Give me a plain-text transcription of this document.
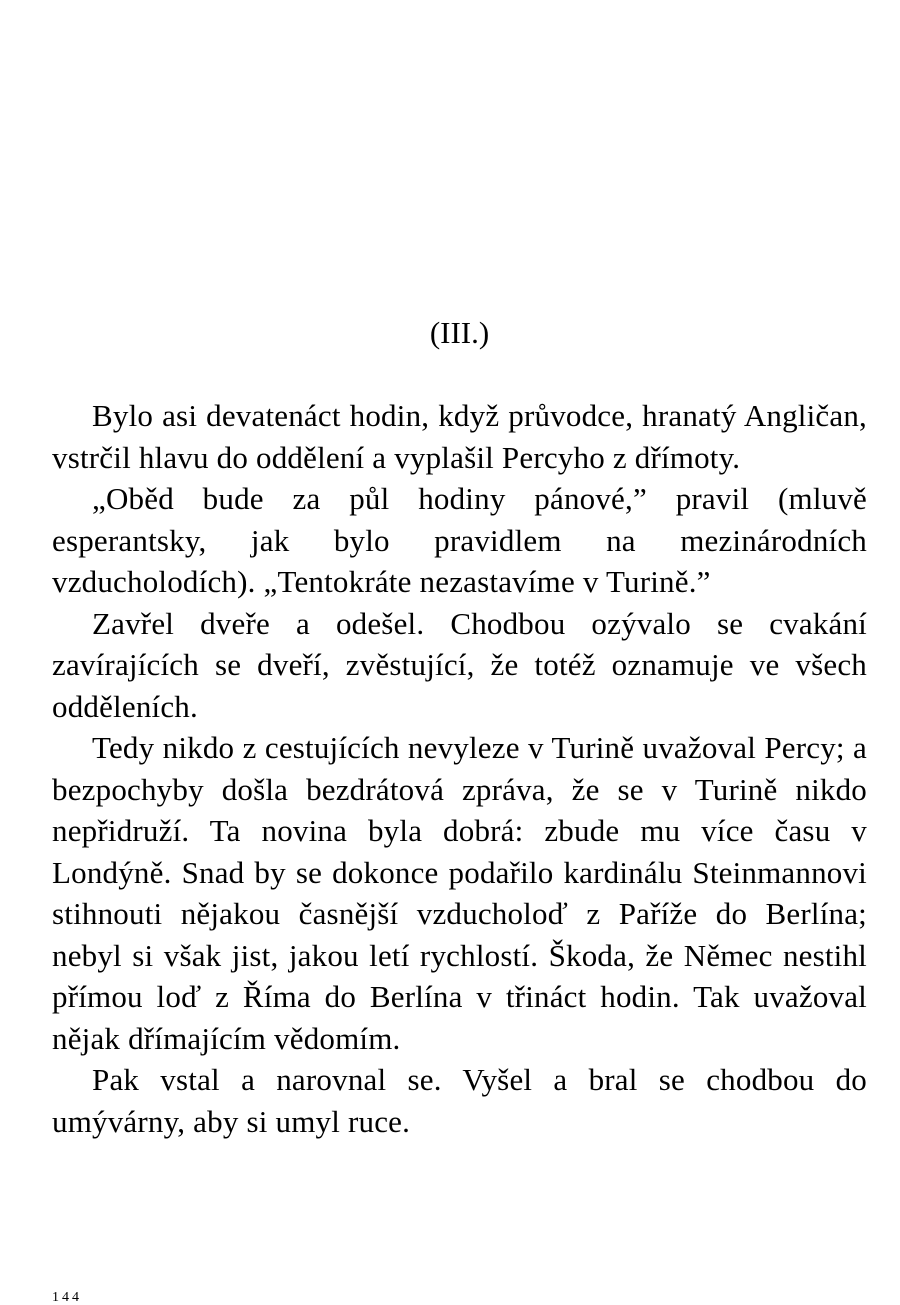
(III.)

Bylo asi devatenáct hodin, když průvodce, hranatý Angličan, vstrčil hlavu do oddělení a vyplašil Percyho z dřímoty.

„Oběd bude za půl hodiny pánové,” pravil (mluvě esperantsky, jak bylo pravidlem na mezinárodních vzducholodích). „Tentokráte nezastavíme v Turině.”

Zavřel dveře a odešel. Chodbou ozývalo se cvakání zavírajících se dveří, zvěstující, že totéž oznamuje ve všech odděleních.

Tedy nikdo z cestujících nevyleze v Turině uvažoval Percy; a bezpochyby došla bezdrátová zpráva, že se v Turině nikdo nepřidruží. Ta novina byla dobrá: zbude mu více času v Londýně. Snad by se dokonce podařilo kardinálu Steinmannovi stihnouti nějakou časnější vzducholoď z Paříže do Berlína; nebyl si však jist, jakou letí rychlostí. Škoda, že Němec nestihl přímou loď z Říma do Berlína v třináct hodin. Tak uvažoval nějak dřímajícím vědomím.

Pak vstal a narovnal se. Vyšel a bral se chodbou do umývárny, aby si umyl ruce.

144
